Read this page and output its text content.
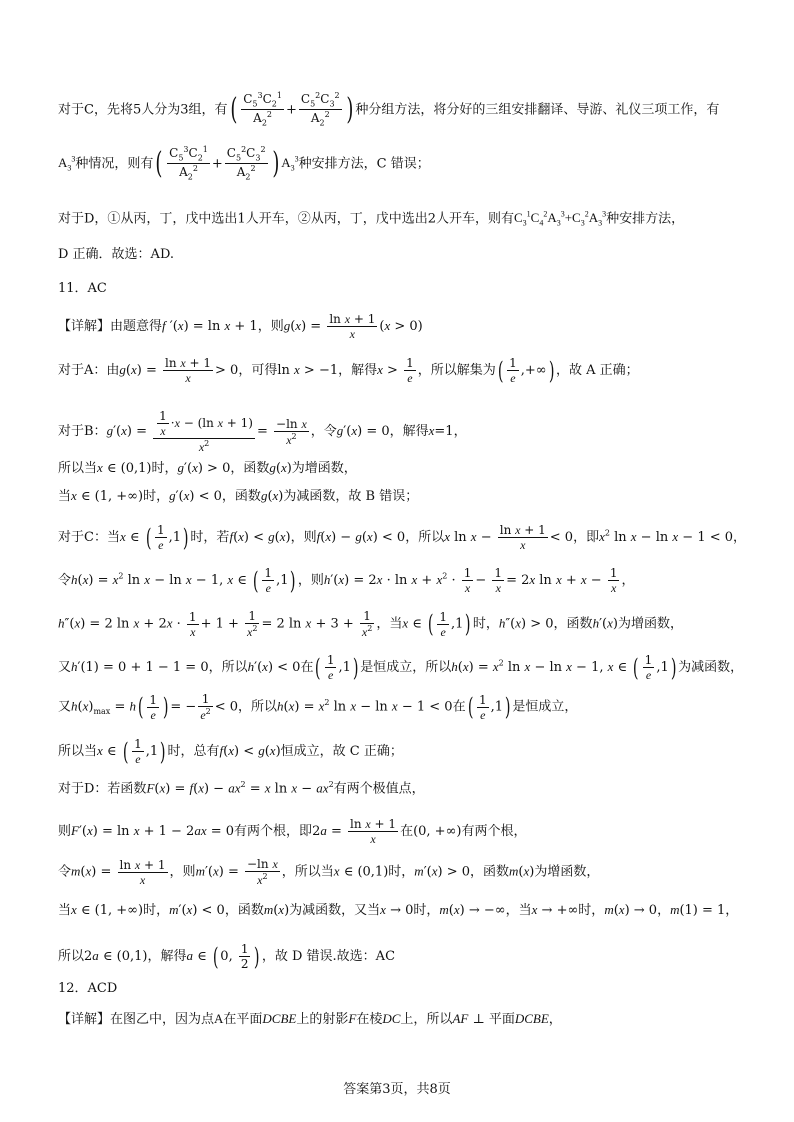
对于C，先将5人分为3组，有( $\frac{C_5^3C_2^1}{A_2^2} + \frac{C_5^2C_3^2}{A_2^2}$ ) 种分组方法，将分好的三组安排翻译、导游、礼仪三项工作，有
$A_3^3$种情况，则有( $\frac{C_5^3C_2^1}{A_2^2} + \frac{C_5^2C_3^2}{A_2^2}$ ) $A_3^3$种安排方法，C 错误；
对于D，①从丙，丁，戊中选出1人开车，②从丙，丁，戊中选出2人开车，则有$C_3^1C_4^2A_3^3+C_3^2A_3^3$种安排方法，
D 正确．故选：AD.
11．AC
【详解】由题意得f ′(x) = ln x + 1，则$g(x) = \frac{\text{ln x + 1}}{x} (x > 0)$
对于A：由$g(x) = \frac{\text{ln x + 1}}{x} > 0$，可得ln x > −1，解得$x > \frac{1}{e}$ ，所以解集为( $\frac{1}{e}$ ,+∞) ，故 A 正确；
对于B：$g'(x) = \frac{\frac{1}{x} \cdot x - (\ln x + 1)}{x^2} = \frac{\text{−ln x}}{x^2}$ ，令g′(x) = 0，解得x=1，
所以当x ∈ (0,1)时，g′(x) > 0，函数g(x)为增函数，
当x ∈ (1, +∞)时，g′(x) < 0，函数g(x)为减函数，故 B 错误；
对于C：当x ∈ ( $\frac{1}{e} ,1$) 时，若f(x) < g(x)，则f(x) − g(x) < 0，所以x $\ln x - \frac{\text{ln x + 1}}{x} < 0$，即$x^2$ ln x − ln x − 1 < 0，
令$h(x) = x^2$ ln x − ln x − 1, x ∈ ( $\frac{1}{e} ,1$) ，则$h'(x) = 2x \cdot \ln x + x^2 \cdot \frac{1}{x} - \frac{1}{x} = 2x$ $\ln x + x - \frac{1}{x}$ ，
h″(x) = 2 $\ln x + 2x \cdot \frac{1}{x} + 1 + \frac{1}{x^2} = 2$ $\ln x + 3 + \frac{1}{x^2}$ ，当x ∈ ( $\frac{1}{e} ,1$) 时，h″(x) > 0，函数h′(x)为增函数，
又h′(1) = 0 + 1 − 1 = 0，所以h′(x) < 0在( $\frac{1}{e} ,1$) 是恒成立，所以$h(x) = x^2$ ln x − ln x − 1, x ∈ ( $\frac{1}{e} ,1$) 为减函数，
又$h(x)_{max} = h( \frac{1}{e}$ ) = − $\frac{1}{e^2} < 0$，所以$h(x) = x^2$ ln x − ln x − 1 < 0在( $\frac{1}{e} ,1$) 是恒成立，
所以当x ∈ ( $\frac{1}{e} ,1$) 时，总有f(x) < g(x)恒成立，故 C 正确；
对于D：若函数$F(x) = f(x) - ax^2 = x$ $\ln x - ax^2$有两个极值点，
则F′(x) = ln x + 1 − 2ax = 0有两个根，即$2a = \frac{\text{ln x + 1}}{x}$ 在(0, +∞)有两个根，
令$m(x) = \frac{\text{ln x + 1}}{x}$ ，则$m'(x) = \frac{\text{−ln x}}{x^2}$ ，所以当x ∈ (0,1)时，m′(x) > 0，函数m(x)为增函数，
当x ∈ (1, +∞)时，m′(x) < 0，函数m(x)为减函数，又当x → 0时，m(x) → −∞，当x → +∞时，m(x) → 0，m(1) = 1，
所以2a ∈ (0,1)，解得a ∈ ( 0, $\frac{1}{2}$ ) ，故 D 错误.故选：AC
12．ACD
【详解】在图乙中，因为点A在平面DCBE上的射影F在棱DC上，所以AF ⊥ 平面DCBE，
答案第3页，共8页
